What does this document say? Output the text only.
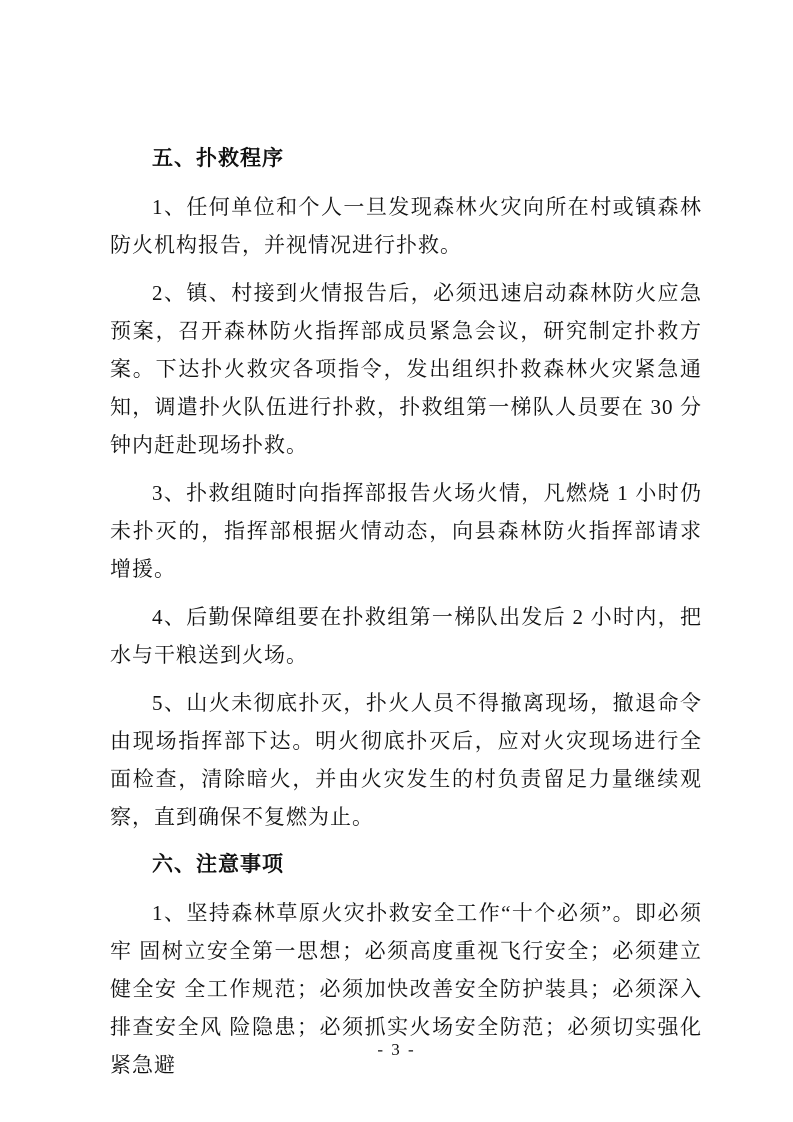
五、扑救程序

1、任何单位和个人一旦发现森林火灾向所在村或镇森林防火机构报告，并视情况进行扑救。

2、镇、村接到火情报告后，必须迅速启动森林防火应急预案，召开森林防火指挥部成员紧急会议，研究制定扑救方案。下达扑火救灾各项指令，发出组织扑救森林火灾紧急通知，调遣扑火队伍进行扑救，扑救组第一梯队人员要在 30 分钟内赶赴现场扑救。

3、扑救组随时向指挥部报告火场火情，凡燃烧 1 小时仍未扑灭的，指挥部根据火情动态，向县森林防火指挥部请求增援。

4、后勤保障组要在扑救组第一梯队出发后 2 小时内，把水与干粮送到火场。

5、山火未彻底扑灭，扑火人员不得撤离现场，撤退命令由现场指挥部下达。明火彻底扑灭后，应对火灾现场进行全面检查，清除暗火，并由火灾发生的村负责留足力量继续观察，直到确保不复燃为止。

六、注意事项

1、坚持森林草原火灾扑救安全工作“十个必须”。即必须牢 固树立安全第一思想；必须高度重视飞行安全；必须建立健全安 全工作规范；必须加快改善安全防护装具；必须深入排查安全风 险隐患；必须抓实火场安全防范；必须切实强化紧急避

- 3 -
